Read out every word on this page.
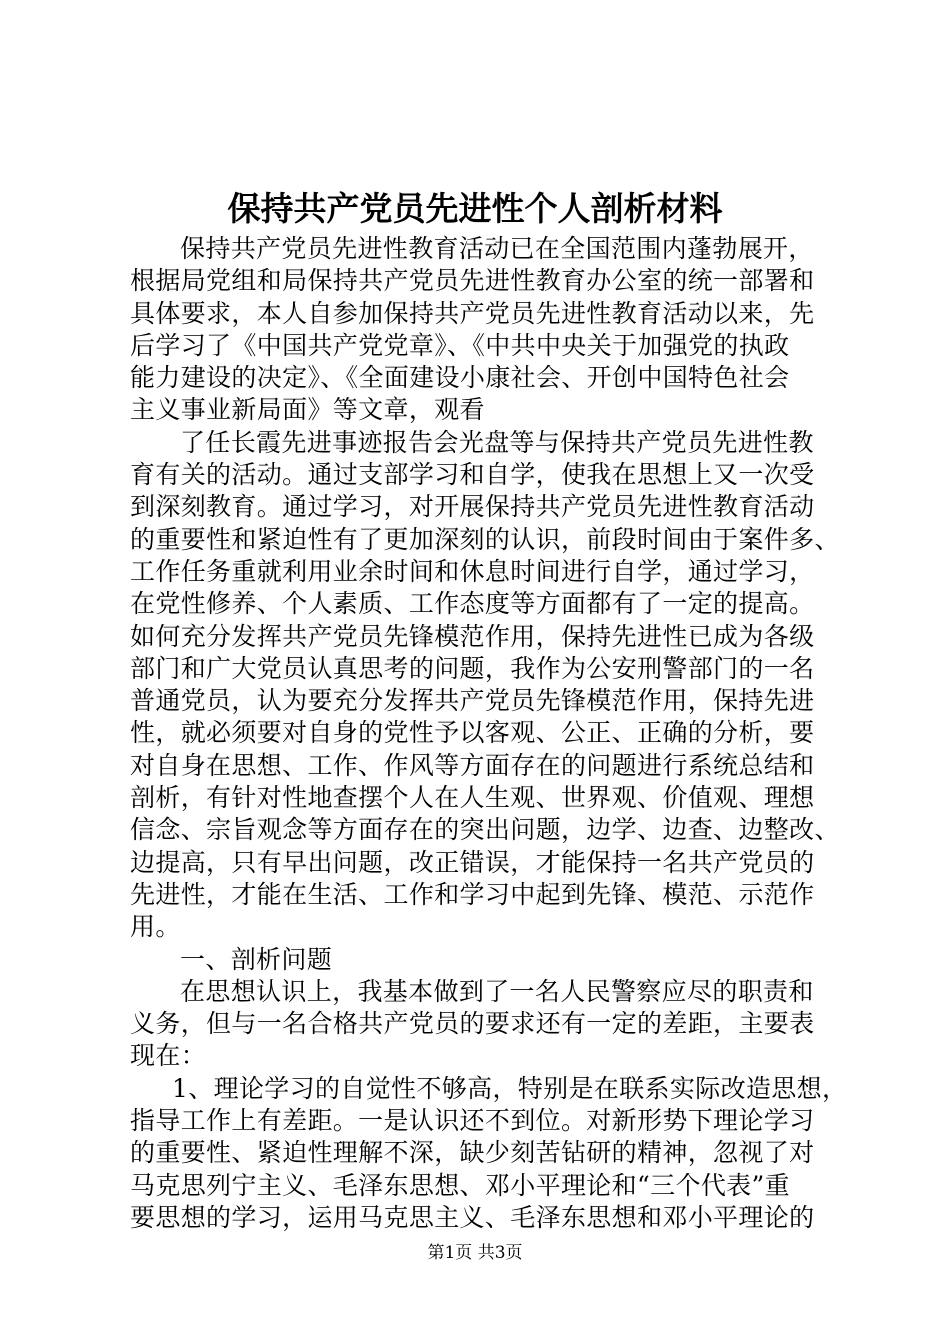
保持共产党员先进性个人剖析材料
保持共产党员先进性教育活动已在全国范围内蓬勃展开，
根据局党组和局保持共产党员先进性教育办公室的统一部署和
具体要求，本人自参加保持共产党员先进性教育活动以来，先
后学习了《中国共产党党章》、《中共中央关于加强党的执政
能力建设的决定》、《全面建设小康社会、开创中国特色社会
主义事业新局面》等文章，观看
了任长霞先进事迹报告会光盘等与保持共产党员先进性教
育有关的活动。通过支部学习和自学，使我在思想上又一次受
到深刻教育。通过学习，对开展保持共产党员先进性教育活动
的重要性和紧迫性有了更加深刻的认识，前段时间由于案件多、
工作任务重就利用业余时间和休息时间进行自学，通过学习，
在党性修养、个人素质、工作态度等方面都有了一定的提高。
如何充分发挥共产党员先锋模范作用，保持先进性已成为各级
部门和广大党员认真思考的问题，我作为公安刑警部门的一名
普通党员，认为要充分发挥共产党员先锋模范作用，保持先进
性，就必须要对自身的党性予以客观、公正、正确的分析，要
对自身在思想、工作、作风等方面存在的问题进行系统总结和
剖析，有针对性地查摆个人在人生观、世界观、价值观、理想
信念、宗旨观念等方面存在的突出问题，边学、边查、边整改、
边提高，只有早出问题，改正错误，才能保持一名共产党员的
先进性，才能在生活、工作和学习中起到先锋、模范、示范作
用。
一、剖析问题
在思想认识上，我基本做到了一名人民警察应尽的职责和
义务，但与一名合格共产党员的要求还有一定的差距，主要表
现在：
1、理论学习的自觉性不够高，特别是在联系实际改造思想，
指导工作上有差距。一是认识还不到位。对新形势下理论学习
的重要性、紧迫性理解不深，缺少刻苦钻研的精神，忽视了对
马克思列宁主义、毛泽东思想、邓小平理论和“三个代表”重
要思想的学习，运用马克思主义、毛泽东思想和邓小平理论的
第1页 共3页
